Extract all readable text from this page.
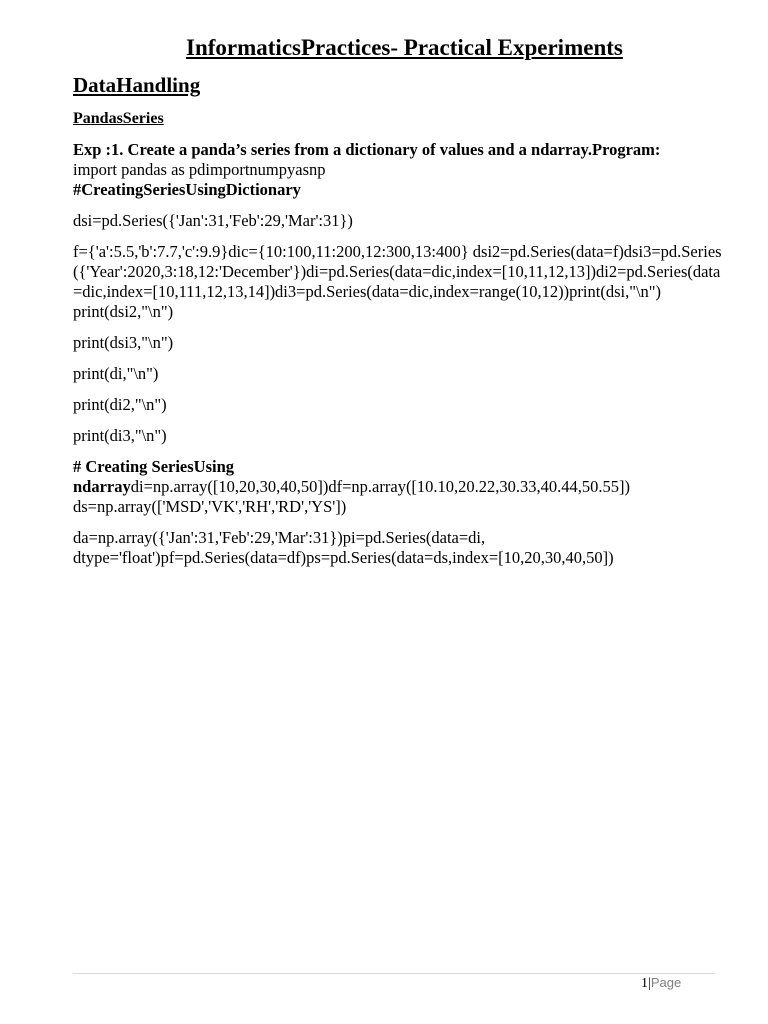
InformaticsPractices- Practical Experiments
DataHandling
PandasSeries

Exp :1. Create a panda’s series from a dictionary of values and a ndarray.Program:
import pandas as pdimportnumpyasnp
#CreatingSeriesUsingDictionary

dsi=pd.Series({'Jan':31,'Feb':29,'Mar':31})

f={'a':5.5,'b':7.7,'c':9.9}dic={10:100,11:200,12:300,13:400} dsi2=pd.Series(data=f)dsi3=pd.Series({'Year':2020,3:18,12:'December'})di=pd.Series(data=dic,index=[10,11,12,13])di2=pd.Series(data=dic,index=[10,111,12,13,14])di3=pd.Series(data=dic,index=range(10,12))print(dsi,"\n")

print(dsi2,"\n")

print(dsi3,"\n")

print(di,"\n")

print(di2,"\n")

print(di3,"\n")

# Creating SeriesUsing
ndarraydi=np.array([10,20,30,40,50])df=np.array([10.10,20.22,30.33,40.44,50.55])
ds=np.array(['MSD','VK','RH','RD','YS'])

da=np.array({'Jan':31,'Feb':29,'Mar':31})pi=pd.Series(data=di, dtype='float')pf=pd.Series(data=df)ps=pd.Series(data=ds,index=[10,20,30,40,50])

1|Page
